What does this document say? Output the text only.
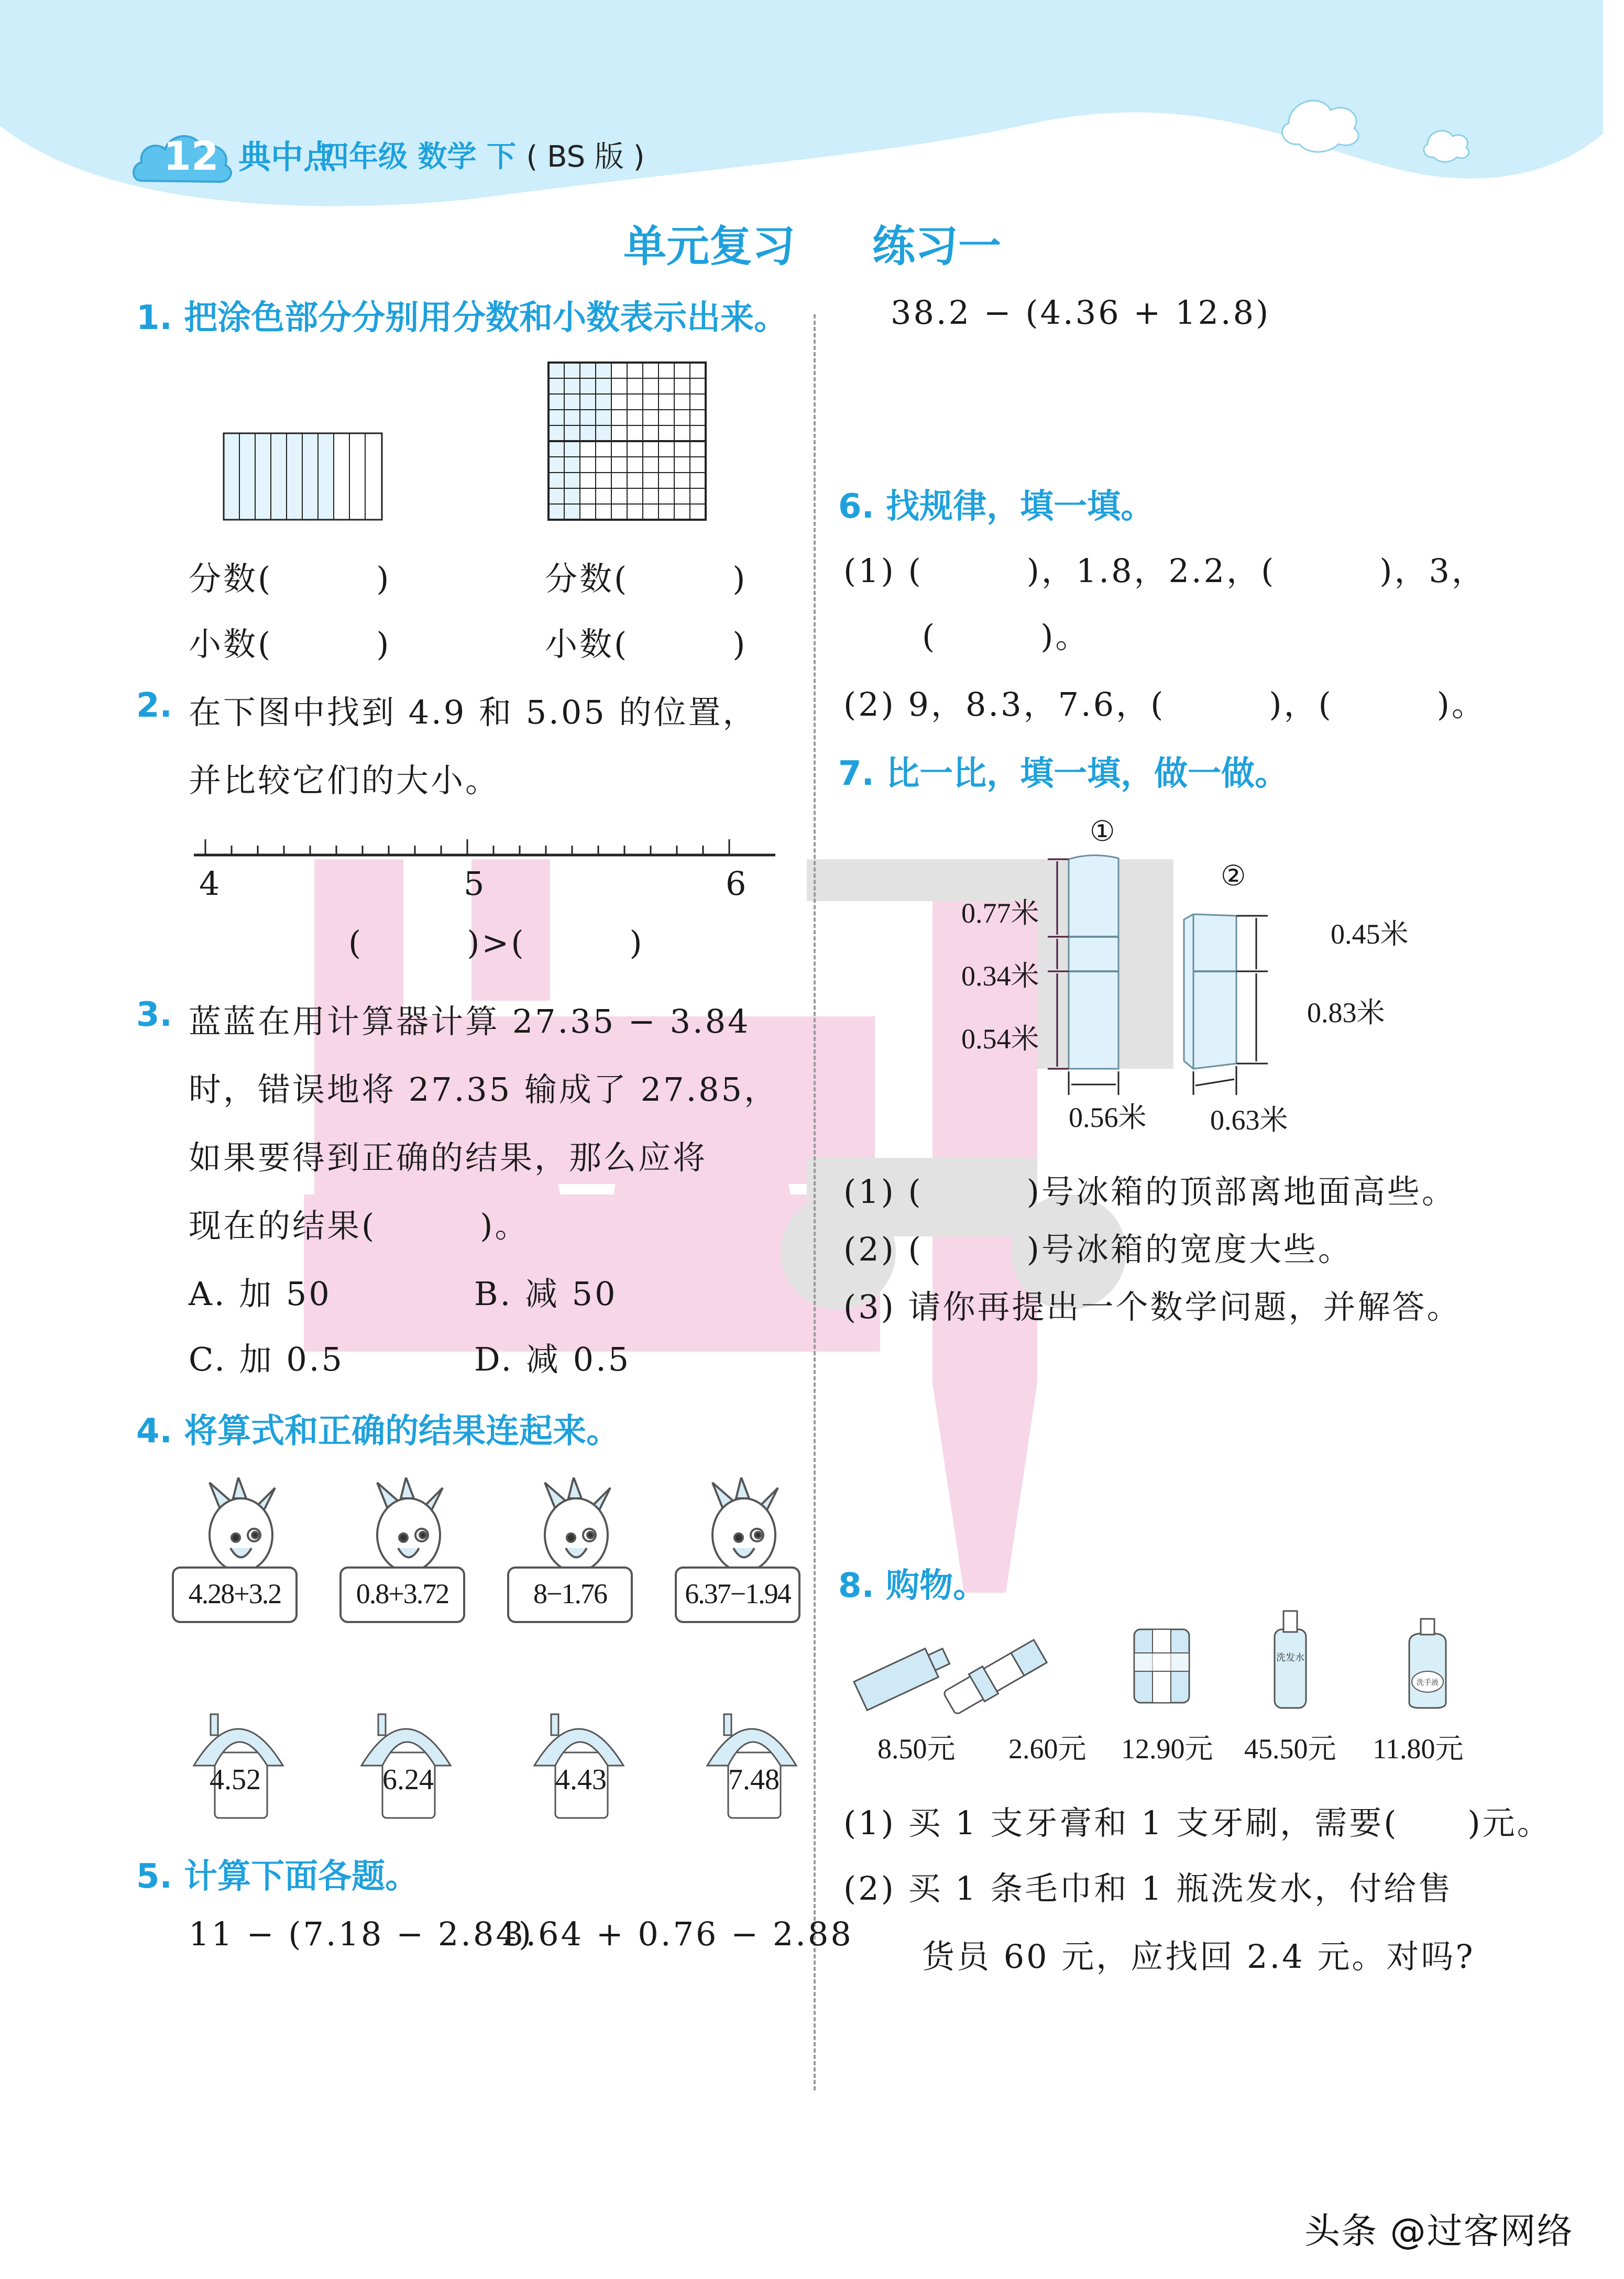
12 典中点
四年级 数学 下 ( BS 版 )
单元复习 练习一
1. 把涂色部分分别用分数和小数表示出来。
分数(　　　)
小数(　　　)
分数(　　　)
小数(　　　)
2. 在下图中找到 4.9 和 5.05 的位置，
并比较它们的大小。
4	5	6
(　　　)>(　　　)
3. 蓝蓝在用计算器计算 27.35 − 3.84
时，错误地将 27.35 输成了 27.85，
如果要得到正确的结果，那么应将
现在的结果(　　　)。
A. 加 50	B. 减 50
C. 加 0.5	D. 减 0.5
4. 将算式和正确的结果连起来。
4.28+3.2	0.8+3.72	8−1.76	6.37−1.94
4.52	6.24	4.43	7.48
5. 计算下面各题。
11 − (7.18 − 2.84)
3.64 + 0.76 − 2.88
38.2 − (4.36 + 12.8)
6. 找规律，填一填。
(1) (　　　)，1.8，2.2，(　　　)，3，
(　　　)。
(2) 9，8.3，7.6，(　　　)，(　　　)。
7. 比一比，填一填，做一做。
①
②
0.77米
0.34米
0.54米
0.56米
0.45米
0.83米
0.63米
(1) (　　　)号冰箱的顶部离地面高些。
(2) (　　　)号冰箱的宽度大些。
(3) 请你再提出一个数学问题，并解答。
8. 购物。
洗发水
洗手液
8.50元 2.60元 12.90元 45.50元 11.80元
(1) 买 1 支牙膏和 1 支牙刷，需要(　　)元。
(2) 买 1 条毛巾和 1 瓶洗发水，付给售
货员 60 元，应找回 2.4 元。对吗?
头条 @过客网络
